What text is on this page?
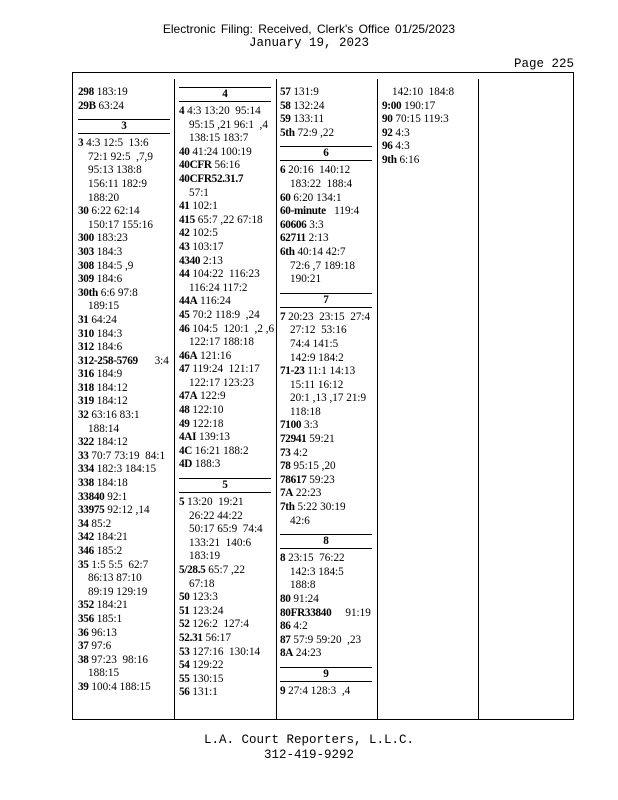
Electronic Filing: Received, Clerk's Office 01/25/2023
January 19, 2023
Page 225
298 183:19
29B 63:24
3
3 4:3 12:5  13:6
72:1 92:5  ,7,9
95:13 138:8
156:11 182:9
188:20
30 6:22 62:14
150:17 155:16
300 183:23
303 184:3
308 184:5 ,9
309 184:6
30th 6:6 97:8
189:15
31 64:24
310 184:3
312 184:6
312-258-5769      3:4
316 184:9
318 184:12
319 184:12
32 63:16 83:1
188:14
322 184:12
33 70:7 73:19  84:1
334 182:3 184:15
338 184:18
33840 92:1
33975 92:12 ,14
34 85:2
342 184:21
346 185:2
35 1:5 5:5  62:7
86:13 87:10
89:19 129:19
352 184:21
356 185:1
36 96:13
37 97:6
38 97:23  98:16
188:15
39 100:4 188:15
4
4 4:3 13:20  95:14
95:15 ,21 96:1  ,4
138:15 183:7
40 41:24 100:19
40CFR 56:16
40CFR52.31.7
57:1
41 102:1
415 65:7 ,22 67:18
42 102:5
43 103:17
4340 2:13
44 104:22  116:23
116:24 117:2
44A 116:24
45 70:2 118:9  ,24
46 104:5  120:1  ,2 ,6
122:17 188:18
46A 121:16
47 119:24  121:17
122:17 123:23
47A 122:9
48 122:10
49 122:18
4AI 139:13
4C 16:21 188:2
4D 188:3
5
5 13:20  19:21
26:22 44:22
50:17 65:9  74:4
133:21  140:6
183:19
5/28.5 65:7 ,22
67:18
50 123:3
51 123:24
52 126:2  127:4
52.31 56:17
53 127:16  130:14
54 129:22
55 130:15
56 131:1
57 131:9
58 132:24
59 133:11
5th 72:9 ,22
6
6 20:16  140:12
183:22  188:4
60 6:20 134:1
60-minute   119:4
60606 3:3
62711 2:13
6th 40:14 42:7
72:6 ,7 189:18
190:21
7
7 20:23  23:15  27:4
27:12  53:16
74:4 141:5
142:9 184:2
71-23 11:1 14:13
15:11 16:12
20:1 ,13 ,17 21:9
118:18
7100 3:3
72941 59:21
73 4:2
78 95:15 ,20
78617 59:23
7A 22:23
7th 5:22 30:19
42:6
8
8 23:15  76:22
142:3 184:5
188:8
80 91:24
80FR33840     91:19
86 4:2
87 57:9 59:20  ,23
8A 24:23
9
9 27:4 128:3  ,4
142:10  184:8
9:00 190:17
90 70:15 119:3
92 4:3
96 4:3
9th 6:16
L.A. Court Reporters, L.L.C.
312-419-9292
